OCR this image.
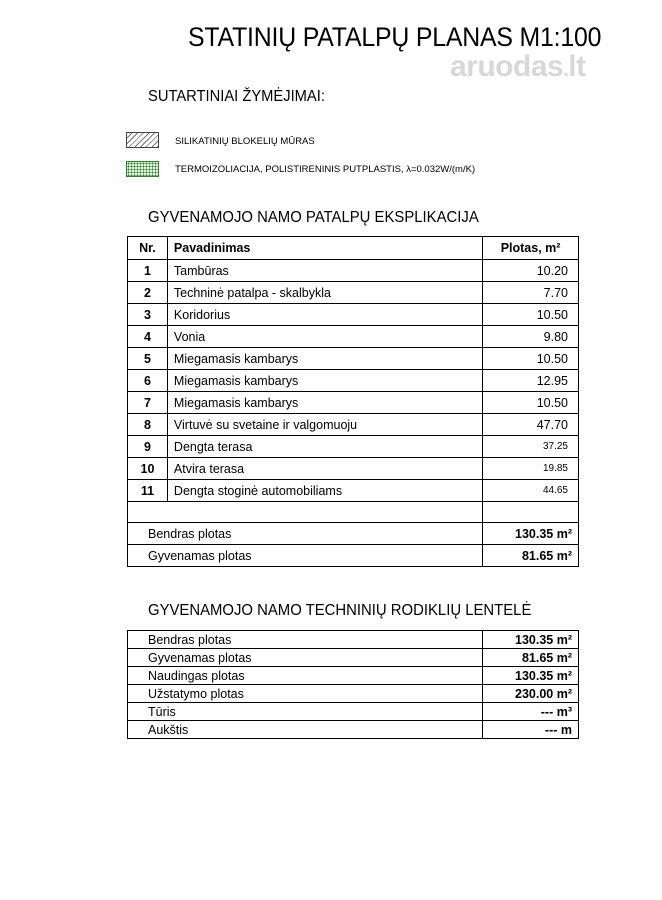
STATINIŲ PATALPŲ PLANAS M1:100
aruodas.lt
SUTARTINIAI ŽYMĖJIMAI:
SILIKATINIŲ BLOKELIŲ MŪRAS
TERMOIZOLIACIJA, POLISTIRENINIS PUTPLASTIS, λ=0.032W/(m/K)
GYVENAMOJO NAMO PATALPŲ EKSPLIKACIJA
Nr.	Pavadinimas	Plotas, m²
1	Tambūras	10.20
2	Techninė patalpa - skalbykla	7.70
3	Koridorius	10.50
4	Vonia	9.80
5	Miegamasis kambarys	10.50
6	Miegamasis kambarys	12.95
7	Miegamasis kambarys	10.50
8	Virtuvė su svetaine ir valgomuoju	47.70
9	Dengta terasa	37.25
10	Atvira terasa	19.85
11	Dengta stoginė automobiliams	44.65

Bendras plotas		130.35 m²
Gyvenamas plotas		81.65 m²
GYVENAMOJO NAMO TECHNINIŲ RODIKLIŲ LENTELĖ
Bendras plotas	130.35 m²
Gyvenamas plotas	81.65 m²
Naudingas plotas	130.35 m²
Užstatymo plotas	230.00 m²
Tūris	--- m³
Aukštis	--- m
